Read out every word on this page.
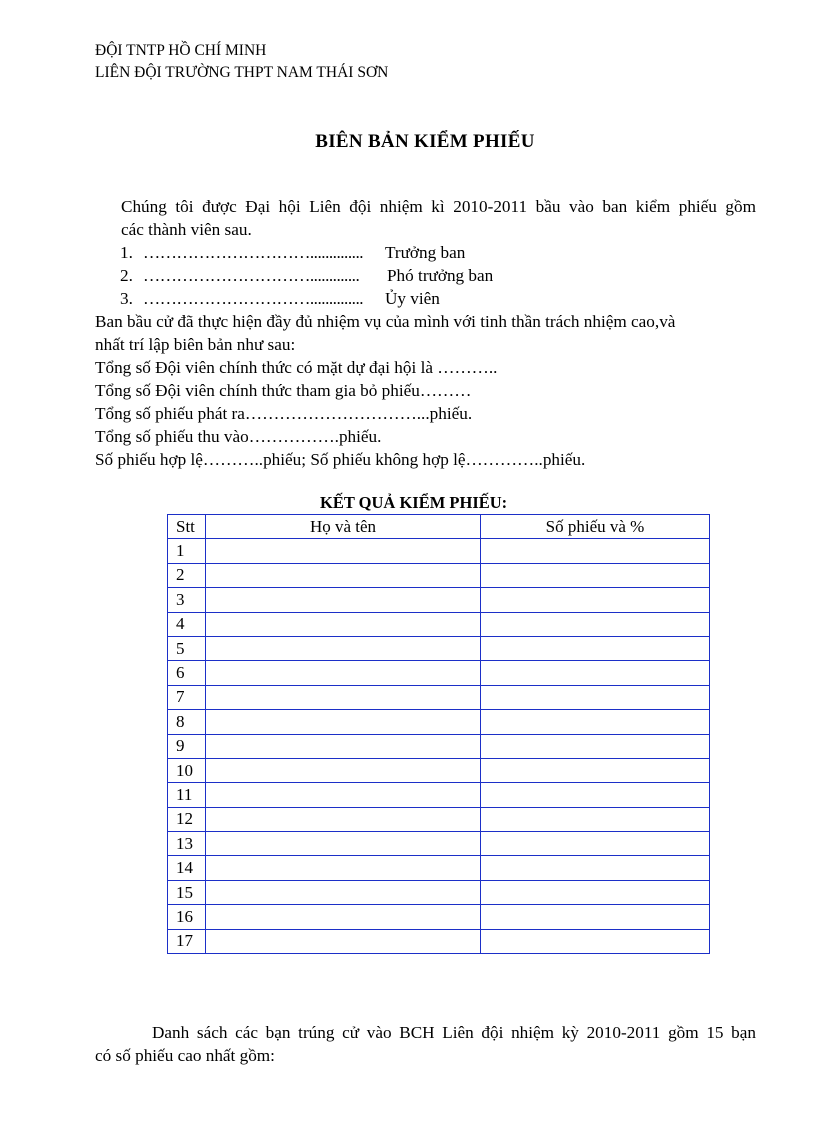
ĐỘI TNTP HỒ CHÍ MINH
LIÊN ĐỘI TRƯỜNG THPT NAM THÁI SƠN
BIÊN BẢN KIỂM PHIẾU
Chúng tôi được Đại hội Liên đội nhiệm kì 2010-2011 bầu vào ban kiểm phiếu gồm
các thành viên sau.
1. ………………………….............. Trưởng ban
2. …………………………............. Phó trưởng ban
3. ………………………….............. Ủy viên
Ban bầu cử đã thực hiện đầy đủ nhiệm vụ của mình với tinh thần trách nhiệm cao,và
nhất trí lập biên bản như sau:
Tổng số Đội viên chính thức có mặt dự đại hội là ………..
Tổng số Đội viên chính thức tham gia bỏ phiếu………
Tổng số phiếu phát ra…………………………...phiếu.
Tổng số phiếu thu vào…………….phiếu.
Số phiếu hợp lệ………..phiếu; Số phiếu không hợp lệ…………..phiếu.
KẾT QUẢ KIỂM PHIẾU:
Stt	Họ và tên	Số phiếu và %
1		
2		
3		
4		
5		
6		
7		
8		
9		
10		
11		
12		
13		
14		
15		
16		
17		
Danh sách các bạn trúng cử vào BCH Liên đội nhiệm kỳ 2010-2011 gồm 15 bạn
có số phiếu cao nhất gồm:
